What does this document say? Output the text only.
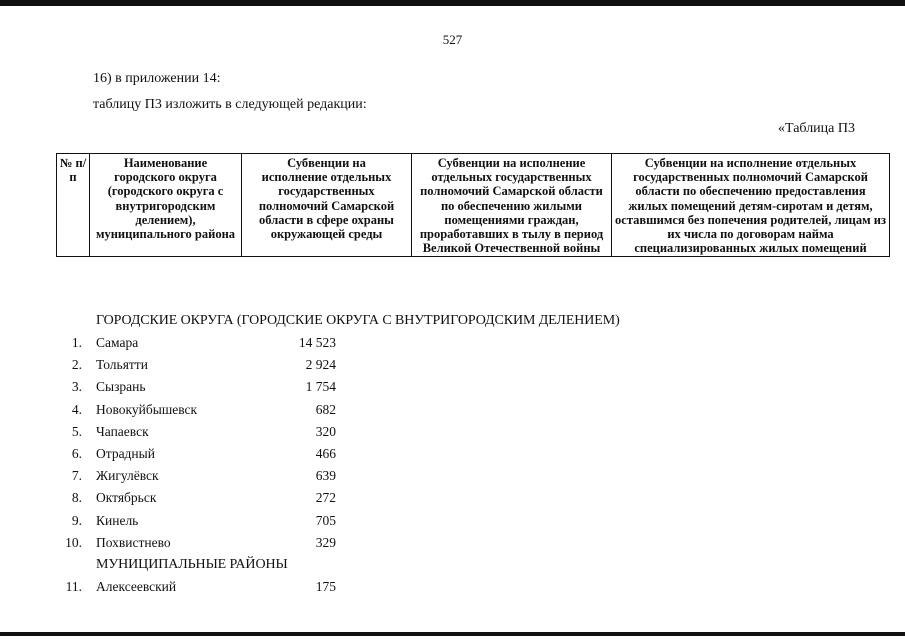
527
16) в приложении 14:
таблицу П3 изложить в следующей редакции:
«Таблица П3
№ п/п	Наименование городского округа (городского округа с внутригородским делением), муниципального района	Субвенции на исполнение отдельных государственных полномочий Самарской области в сфере охраны окружающей среды	Субвенции на исполнение отдельных государственных полномочий Самарской области по обеспечению жилыми помещениями граждан, проработавших в тылу в период Великой Отечественной войны	Субвенции на исполнение отдельных государственных полномочий Самарской области по обеспечению предоставления жилых помещений детям-сиротам и детям, оставшимся без попечения родителей, лицам из их числа по договорам найма специализированных жилых помещений
ГОРОДСКИЕ ОКРУГА (ГОРОДСКИЕ ОКРУГА С ВНУТРИГОРОДСКИМ ДЕЛЕНИЕМ)
1. Самара	14 523
2. Тольятти	2 924
3. Сызрань	1 754
4. Новокуйбышевск	682
5. Чапаевск	320
6. Отрадный	466
7. Жигулёвск	639
8. Октябрьск	272
9. Кинель	705
10. Похвистнево	329
МУНИЦИПАЛЬНЫЕ РАЙОНЫ
11. Алексеевский	175
